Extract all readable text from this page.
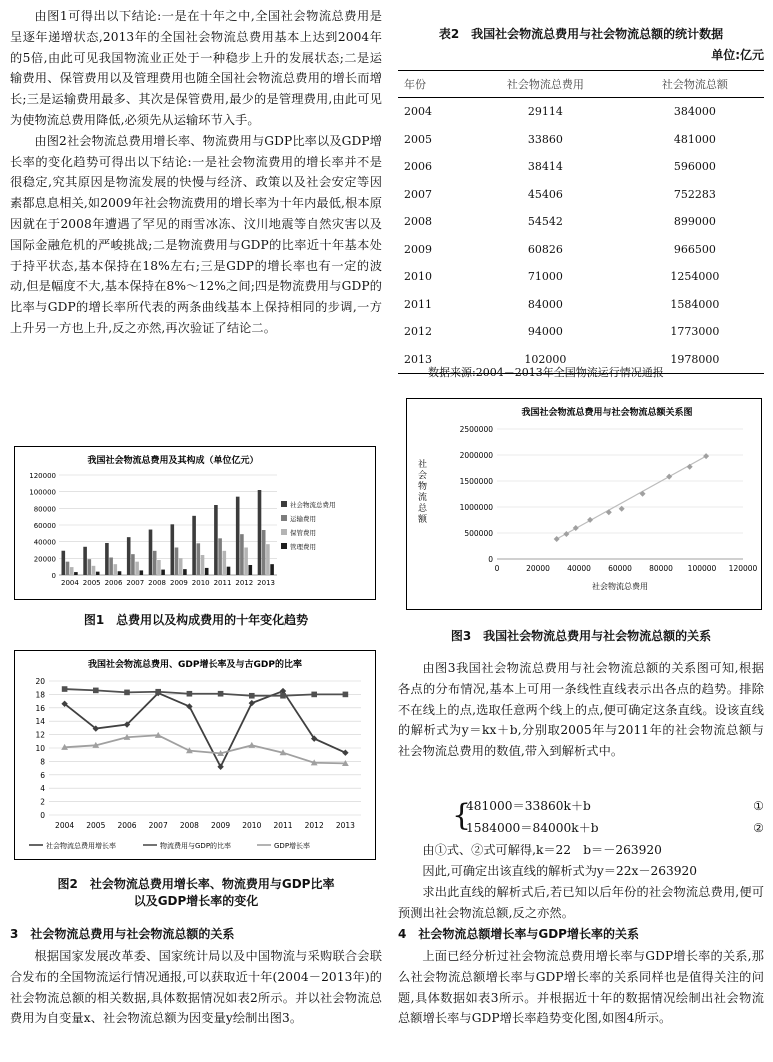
由图1可得出以下结论:一是在十年之中,全国社会物流总费用是呈逐年递增状态,2013年的全国社会物流总费用基本上达到2004年的5倍,由此可见我国物流业正处于一种稳步上升的发展状态;二是运输费用、保管费用以及管理费用也随全国社会物流总费用的增长而增长;三是运输费用最多、其次是保管费用,最少的是管理费用,由此可见为使物流总费用降低,必须先从运输环节入手。

由图2社会物流总费用增长率、物流费用与GDP比率以及GDP增长率的变化趋势可得出以下结论:一是社会物流费用的增长率并不是很稳定,究其原因是物流发展的快慢与经济、政策以及社会安定等因素都息息相关,如2009年社会物流费用的增长率为十年内最低,根本原因就在于2008年遭遇了罕见的雨雪冰冻、汶川地震等自然灾害以及国际金融危机的严峻挑战;二是物流费用与GDP的比率近十年基本处于持平状态,基本保持在18%左右;三是GDP的增长率也有一定的波动,但是幅度不大,基本保持在8%～12%之间;四是物流费用与GDP的比率与GDP的增长率所代表的两条曲线基本上保持相同的步调,一方上升另一方也上升,反之亦然,再次验证了结论二。

我国社会物流总费用及其构成（单位亿元）
0
20000
40000
60000
80000
100000
120000
2004 2005 2006 2007 2008 2009 2010 2011 2012 2013
社会物流总费用
运输费用
保管费用
管理费用
图1　总费用以及构成费用的十年变化趋势
我国社会物流总费用、GDP增长率及与古GDP的比率
0
2
4
6
8
10
12
14
16
18
20
2004 2005 2006 2007 2008 2009 2010 2011 2012 2013
社会物流总费用增长率	物流费用与GDP的比率	GDP增长率
图2　社会物流总费用增长率、物流费用与GDP比率
以及GDP增长率的变化
3　社会物流总费用与社会物流总额的关系

根据国家发展改革委、国家统计局以及中国物流与采购联合会联合发布的全国物流运行情况通报,可以获取近十年(2004－2013年)的社会物流总额的相关数据,具体数据情况如表2所示。并以社会物流总费用为自变量x、社会物流总额为因变量y绘制出图3。

表2　我国社会物流总费用与社会物流总额的统计数据
单位:亿元
年份	社会物流总费用	社会物流总额
2004	29114	384000
2005	33860	481000
2006	38414	596000
2007	45406	752283
2008	54542	899000
2009	60826	966500
2010	71000	1254000
2011	84000	1584000
2012	94000	1773000
2013	102000	1978000
数据来源:2004－2013年全国物流运行情况通报
我国社会物流总费用与社会物流总额关系图
0
500000
1000000
1500000
2000000
2500000
0	20000 40000 60000 80000 100000 120000
社会物流总费用
社会物流总额
图3　我国社会物流总费用与社会物流总额的关系

由图3我国社会物流总费用与社会物流总额的关系图可知,根据各点的分布情况,基本上可用一条线性直线表示出各点的趋势。排除不在线上的点,选取任意两个线上的点,便可确定这条直线。设该直线的解析式为y＝kx＋b,分别取2005年与2011年的社会物流总额与社会物流总费用的数值,带入到解析式中。

{
481000＝33860k＋b	①
1584000＝84000k＋b	②
由①式、②式可解得,k＝22　b＝－263920
因此,可确定出该直线的解析式为y＝22x－263920

求出此直线的解析式后,若已知以后年份的社会物流总费用,便可预测出社会物流总额,反之亦然。

4　社会物流总额增长率与GDP增长率的关系

上面已经分析过社会物流总费用增长率与GDP增长率的关系,那么社会物流总额增长率与GDP增长率的关系同样也是值得关注的问题,具体数据如表3所示。并根据近十年的数据情况绘制出社会物流总额增长率与GDP增长率趋势变化图,如图4所示。
